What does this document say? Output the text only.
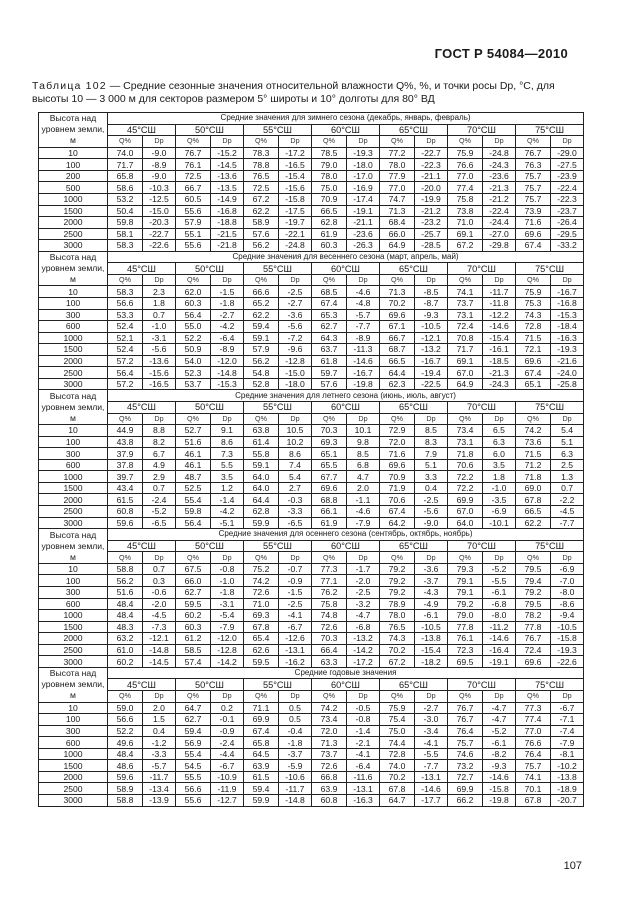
ГОСТ Р 54084—2010
Таблица 102 — Средние сезонные значения относительной влажности Q%, %, и точки росы Dр, °С, для высоты 10 — 3 000 м для секторов размером 5° широты и 10° долготы для 80° ВД
Высота над уровнем земли, м	Средние значения для зимнего сезона (декабрь, январь, февраль)													
	45°СШ		50°СШ		55°СШ		60°СШ		65°СШ		70°СШ		75°СШ	
	Q%	Dр	Q%	Dр	Q%	Dр	Q%	Dр	Q%	Dр	Q%	Dр	Q%	Dр
10	74.0	-9.0	76.7	-15.2	78.3	-17.2	78.5	-19.3	77.2	-22.7	75.9	-24.8	76.7	-29.0
100	71.7	-8.9	76.1	-14.5	78.8	-16.5	79.0	-18.0	78.0	-22.3	76.6	-24.3	76.3	-27.5
200	65.8	-9.0	72.5	-13.6	76.5	-15.4	78.0	-17.0	77.9	-21.1	77.0	-23.6	75.7	-23.9
500	58.6	-10.3	66.7	-13.5	72.5	-15.6	75.0	-16.9	77.0	-20.0	77.4	-21.3	75.7	-22.4
1000	53.2	-12.5	60.5	-14.9	67.2	-15.8	70.9	-17.4	74.7	-19.9	75.8	-21.2	75.7	-22.3
1500	50.4	-15.0	55.6	-16.8	62.2	-17.5	66.5	-19.1	71.3	-21.2	73.8	-22.4	73.9	-23.7
2000	59.8	-20.3	57.9	-18.8	58.9	-19.7	62.8	-21.1	68.4	-23.2	71.0	-24.4	71.6	-26.4
2500	58.1	-22.7	55.1	-21.5	57.6	-22.1	61.9	-23.6	66.0	-25.7	69.1	-27.0	69.6	-29.5
3000	58.3	-22.6	55.6	-21.8	56.2	-24.8	60.3	-26.3	64.9	-28.5	67.2	-29.8	67.4	-33.2
Высота над уровнем земли, м	Средние значения для весеннего сезона (март, апрель, май)													
	45°СШ		50°СШ		55°СШ		60°СШ		65°СШ		70°СШ		75°СШ	
	Q%	Dр	Q%	Dр	Q%	Dр	Q%	Dр	Q%	Dр	Q%	Dр	Q%	Dр
10	58.3	2.3	62.0	-1.5	66.6	-2.5	68.5	-4.6	71.3	-8.5	74.1	-11.7	75.9	-16.7
100	56.6	1.8	60.3	-1.8	65.2	-2.7	67.4	-4.8	70.2	-8.7	73.7	-11.8	75.3	-16.8
300	53.3	0.7	56.4	-2.7	62.2	-3.6	65.3	-5.7	69.6	-9.3	73.1	-12.2	74.3	-15.3
600	52.4	-1.0	55.0	-4.2	59.4	-5.6	62.7	-7.7	67.1	-10.5	72.4	-14.6	72.8	-18.4
1000	52.1	-3.1	52.2	-6.4	59.1	-7.2	64.3	-8.9	66.7	-12.1	70.8	-15.4	71.5	-16.3
1500	52.4	-5.6	50.9	-8.9	57.9	-9.6	63.7	-11.3	68.7	-13.2	71.7	-16.1	72.1	-19.3
2000	57.2	-13.6	54.0	-12.0	56.2	-12.8	61.8	-14.6	66.5	-16.7	69.1	-18.5	69.6	-21.6
2500	56.4	-15.6	52.3	-14.8	54.8	-15.0	59.7	-16.7	64.4	-19.4	67.0	-21.3	67.4	-24.0
3000	57.2	-16.5	53.7	-15.3	52.8	-18.0	57.6	-19.8	62.3	-22.5	64.9	-24.3	65.1	-25.8
Высота над уровнем земли, м	Средние значения для летнего сезона (июнь, июль, август)													
	45°СШ		50°СШ		55°СШ		60°СШ		65°СШ		70°СШ		75°СШ	
	Q%	Dр	Q%	Dр	Q%	Dр	Q%	Dр	Q%	Dр	Q%	Dр	Q%	Dр
10	44.9	8.8	52.7	9.1	63.8	10.5	70.3	10.1	72.9	8.5	73.4	6.5	74.2	5.4
100	43.8	8.2	51.6	8.6	61.4	10.2	69.3	9.8	72.0	8.3	73.1	6.3	73.6	5.1
300	37.9	6.7	46.1	7.3	55.8	8.6	65.1	8.5	71.6	7.9	71.8	6.0	71.5	6.3
600	37.8	4.9	46.1	5.5	59.1	7.4	65.5	6.8	69.6	5.1	70.6	3.5	71.2	2.5
1000	39.7	2.9	48.7	3.5	64.0	5.4	67.7	4.7	70.9	3.3	72.2	1.8	71.8	1.3
1500	43.4	0.7	52.5	1.2	64.0	2.7	69.6	2.0	71.9	0.4	72.2	-1.0	69.0	0.7
2000	61.5	-2.4	55.4	-1.4	64.4	-0.3	68.8	-1.1	70.6	-2.5	69.9	-3.5	67.8	-2.2
2500	60.8	-5.2	59.8	-4.2	62.8	-3.3	66.1	-4.6	67.4	-5.6	67.0	-6.9	66.5	-4.5
3000	59.6	-6.5	56.4	-5.1	59.9	-6.5	61.9	-7.9	64.2	-9.0	64.0	-10.1	62.2	-7.7
Высота над уровнем земли, м	Средние значения для осеннего сезона (сентябрь, октябрь, ноябрь)													
	45°СШ		50°СШ		55°СШ		60°СШ		65°СШ		70°СШ		75°СШ	
	Q%	Dр	Q%	Dр	Q%	Dр	Q%	Dр	Q%	Dр	Q%	Dр	Q%	Dр
10	58.8	0.7	67.5	-0.8	75.2	-0.7	77.3	-1.7	79.2	-3.6	79.3	-5.2	79.5	-6.9
100	56.2	0.3	66.0	-1.0	74.2	-0.9	77.1	-2.0	79.2	-3.7	79.1	-5.5	79.4	-7.0
300	51.6	-0.6	62.7	-1.8	72.6	-1.5	76.2	-2.5	79.2	-4.3	79.1	-6.1	79.2	-8.0
600	48.4	-2.0	59.5	-3.1	71.0	-2.5	75.8	-3.2	78.9	-4.9	79.2	-6.8	79.5	-8.6
1000	48.4	-4.5	60.2	-5.4	69.3	-4.1	74.8	-4.7	78.0	-6.1	79.0	-8.0	78.2	-9.4
1500	48.3	-7.3	60.3	-7.9	67.8	-6.7	72.6	-6.8	76.5	-10.5	77.8	-11.2	77.8	-10.5
2000	63.2	-12.1	61.2	-12.0	65.4	-12.6	70.3	-13.2	74.3	-13.8	76.1	-14.6	76.7	-15.8
2500	61.0	-14.8	58.5	-12.8	62.6	-13.1	66.4	-14.2	70.2	-15.4	72.3	-16.4	72.4	-19.3
3000	60.2	-14.5	57.4	-14.2	59.5	-16.2	63.3	-17.2	67.2	-18.2	69.5	-19.1	69.6	-22.6
Высота над уровнем земли, м	Средние годовые значения													
	45°СШ		50°СШ		55°СШ		60°СШ		65°СШ		70°СШ		75°СШ	
	Q%	Dр	Q%	Dр	Q%	Dр	Q%	Dр	Q%	Dр	Q%	Dр	Q%	Dр
10	59.0	2.0	64.7	0.2	71.1	0.5	74.2	-0.5	75.9	-2.7	76.7	-4.7	77.3	-6.7
100	56.6	1.5	62.7	-0.1	69.9	0.5	73.4	-0.8	75.4	-3.0	76.7	-4.7	77.4	-7.1
300	52.2	0.4	59.4	-0.9	67.4	-0.4	72.0	-1.4	75.0	-3.4	76.4	-5.2	77.0	-7.4
600	49.6	-1.2	56.9	-2.4	65.8	-1.8	71.3	-2.1	74.4	-4.1	75.7	-6.1	76.6	-7.9
1000	48.4	-3.3	55.4	-4.4	64.5	-3.7	73.7	-4.1	72.8	-5.5	74.6	-8.2	76.4	-8.1
1500	48.6	-5.7	54.5	-6.7	63.9	-5.9	72.6	-6.4	74.0	-7.7	73.2	-9.3	75.7	-10.2
2000	59.6	-11.7	55.5	-10.9	61.5	-10.6	66.8	-11.6	70.2	-13.1	72.7	-14.6	74.1	-13.8
2500	58.9	-13.4	56.6	-11.9	59.4	-11.7	63.9	-13.1	67.8	-14.6	69.9	-15.8	70.1	-18.9
3000	58.8	-13.9	55.6	-12.7	59.9	-14.8	60.8	-16.3	64.7	-17.7	66.2	-19.8	67.8	-20.7
107
